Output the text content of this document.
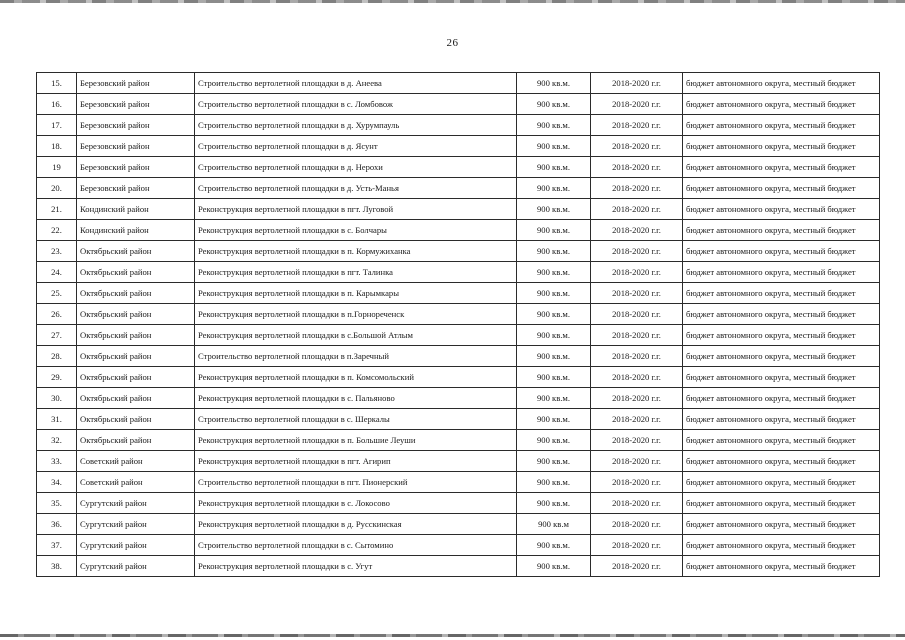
26
15.	Березовский район	Строительство вертолетной площадки в д. Анеева	900 кв.м.	2018-2020 г.г.	бюджет автономного округа, местный бюджет
16.	Березовский район	Строительство вертолетной площадки в с. Ломбовож	900 кв.м.	2018-2020 г.г.	бюджет автономного округа, местный бюджет
17.	Березовский район	Строительство вертолетной площадки в д. Хурумпауль	900 кв.м.	2018-2020 г.г.	бюджет автономного округа, местный бюджет
18.	Березовский район	Строительство вертолетной площадки в д. Ясунт	900 кв.м.	2018-2020 г.г.	бюджет автономного округа, местный бюджет
19	Березовский район	Строительство вертолетной площадки в д. Нерохи	900 кв.м.	2018-2020 г.г.	бюджет автономного округа, местный бюджет
20.	Березовский район	Строительство вертолетной площадки в д. Усть-Манья	900 кв.м.	2018-2020 г.г.	бюджет автономного округа, местный бюджет
21.	Кондинский район	Реконструкция вертолетной площадки в пгт. Луговой	900 кв.м.	2018-2020 г.г.	бюджет автономного округа, местный бюджет
22.	Кондинский район	Реконструкция вертолетной площадки в с. Болчары	900 кв.м.	2018-2020 г.г.	бюджет автономного округа, местный бюджет
23.	Октябрьский район	Реконструкция вертолетной площадки в п. Кормужиханка	900 кв.м.	2018-2020 г.г.	бюджет автономного округа, местный бюджет
24.	Октябрьский район	Реконструкция вертолетной площадки в пгт. Талинка	900 кв.м.	2018-2020 г.г.	бюджет автономного округа, местный бюджет
25.	Октябрьский район	Реконструкция вертолетной площадки в п. Карымкары	900 кв.м.	2018-2020 г.г.	бюджет автономного округа, местный бюджет
26.	Октябрьский район	Реконструкция вертолетной площадки в п.Горнореченск	900 кв.м.	2018-2020 г.г.	бюджет автономного округа, местный бюджет
27.	Октябрьский район	Реконструкция вертолетной площадки в с.Большой Атлым	900 кв.м.	2018-2020 г.г.	бюджет автономного округа, местный бюджет
28.	Октябрьский район	Строительство вертолетной площадки в п.Заречный	900 кв.м.	2018-2020 г.г.	бюджет автономного округа, местный бюджет
29.	Октябрьский район	Реконструкция вертолетной площадки в п. Комсомольский	900 кв.м.	2018-2020 г.г.	бюджет автономного округа, местный бюджет
30.	Октябрьский район	Реконструкция вертолетной площадки в с. Пальяново	900 кв.м.	2018-2020 г.г.	бюджет автономного округа, местный бюджет
31.	Октябрьский район	Строительство вертолетной площадки в с. Шеркалы	900 кв.м.	2018-2020 г.г.	бюджет автономного округа, местный бюджет
32.	Октябрьский район	Реконструкция вертолетной площадки в п. Большие Леуши	900 кв.м.	2018-2020 г.г.	бюджет автономного округа, местный бюджет
33.	Советский район	Реконструкция вертолетной площадки в пгт. Агирип	900 кв.м.	2018-2020 г.г.	бюджет автономного округа, местный бюджет
34.	Советский район	Строительство вертолетной площадки в пгт. Пионерский	900 кв.м.	2018-2020 г.г.	бюджет автономного округа, местный бюджет
35.	Сургутский район	Реконструкция вертолетной площадки в с. Локосово	900 кв.м.	2018-2020 г.г.	бюджет автономного округа, местный бюджет
36.	Сургутский район	Реконструкция вертолетной площадки в д. Русскинская	900 кв.м	2018-2020 г.г.	бюджет автономного округа, местный бюджет
37.	Сургутский район	Строительство вертолетной площадки в с. Сытомино	900 кв.м.	2018-2020 г.г.	бюджет автономного округа, местный бюджет
38.	Сургутский район	Реконструкция вертолетной площадки в с. Угут	900 кв.м.	2018-2020 г.г.	бюджет автономного округа, местный бюджет
